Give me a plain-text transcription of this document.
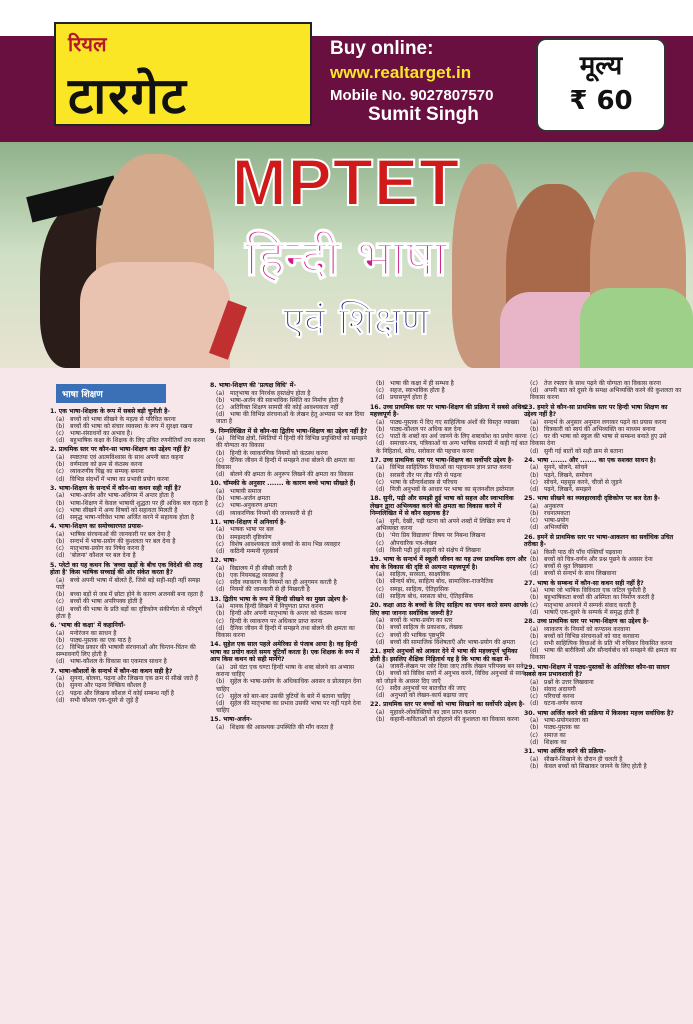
रियल
टारगेट
Buy online:
www.realtarget.in
Mobile No. 9027807570
Sumit Singh
मूल्य
₹ 60
MPTET
हिन्दी भाषा
एवं शिक्षण
भाषा शिक्षण
1. एक भाषा-शिक्षक के रूप में सबसे बड़ी चुनौती है-
(a) बच्चों को भाषा सीखने के महत्व से परिचित करना
(b) बच्चों की भाषा को संचार व्यवस्था के रूप में सुरक्षा रखना
(c) भाषा-संसाधनों का अभाव है।
(d) बहुभाषिक कक्षा के शिक्षक के लिए उचित रणनीतियाँ तय करना
2. प्राथमिक स्तर पर कौन-सा भाषा-शिक्षण का उद्देश्य नहीं है?
(a) स्पष्टतया एवं आत्मविश्वास के साथ अपनी बात कहना
(b) वर्णमाला को क्रम से कंठस्थ करना
(c) व्याकरणीय चिह्न का सम्यक् बनाना
(d) विभिन्न संदर्भों में भाषा का प्रभावी प्रयोग करना
3. भाषा-शिक्षण के सन्दर्भ में कौन-सा कथन सही नहीं है?
(a) भाषा-अर्जन और भाषा-अधिगम में अन्तर होता है
(b) भाषा-शिक्षण में केवल भाषायी शुद्धता पर ही अधिक बल रहता है
(c) भाषा सीखने में अन्य विषयों को सहायता मिलती है
(d) समृद्ध भाषा-परिवेश भाषा अर्जित करने में सहायक होता है
4. भाषा-शिक्षण का समोच्चारणत प्रयास-
(a) भाषिक संरचनाओं की जानकारी पर बल देना है
(b) सन्दर्भ में भाषा-प्रयोग की कुशलता पर बल देना है
(c) मातृभाषा-प्रयोग का निषेध करना है
(d) 'बोलना' कौशल पर बल देना है
5. प्लेटो का यह कथन कि 'बच्चा खड़ों के बीच एक विदेशी की तरह होता है' किस भाषिक सच्चाई की ओर संकेत करता है?
(a) बच्चे अपनी भाषा में बोलते हैं, जिसे बड़े सही-सही नहीं समझ पाते
(b) बच्चा बड़ों से जब में छोटा होने के कारण अजनबी बना रहता है
(c) बच्चों की भाषा अपरिपक्व होती है
(d) बच्चों की भाषा के प्रति बड़ों का दृष्टिकोण संकीर्णता से परिपूर्ण होता है
6. 'भाषा की कक्षा' में कहानियाँ-
(a) मनोरंजन का साधन है
(b) पाठ्य-पुस्तक का एक पाठ है
(c) विभिन्न प्रकार की भाषायी संरचनाओं और चिन्तन-चिंतन की सम्भावनाएँ लिए होती है
(d) भाषा-कौशल के विकास का एकमात्र साधन है
7. भाषा-कौशलों के सन्दर्भ में कौन-सा कथन सही है?
(a) सुनना, बोलना, पढ़ना और लिखना एक क्रम से सीखे जाते हैं
(b) सुनना और पढ़ना निष्क्रिय कौशल है
(c) पढ़ना और लिखना कौशल में कोई सम्बन्ध नहीं है
(d) सभी कौशल एक-दूसरे से जुड़े हैं
8. भाषा-शिक्षण की 'प्रत्यक्ष विधि' में-
(a) मातृभाषा का निरर्थक हस्तक्षेप होता है
(b) भाषा-अर्जन की स्वाभाविक स्थिति का निर्माण होता है
(c) अतिरिक्त शिक्षण सामग्री की कोई आवश्यकता नहीं
(d) भाषा की विभिन्न संरचनाओं के लेखन हेतु अभ्यास पर बल दिया जाता है
9. निम्नलिखित में से कौन-सा द्वितीय भाषा-शिक्षण का उद्देश्य नहीं है?
(a) विभिन्न क्षेत्रों, स्थितियों में हिन्दी की विभिन्न प्रयुक्तियों को समझने की योग्यता का विकास
(b) हिन्दी के व्याकरणिक नियमों को कंठस्थ करना
(c) दैनिक जीवन में हिन्दी में समझने तथा बोलने की क्षमता का विकास
(d) बोलने की क्षमता के अनुरूप लिखने की क्षमता का विकास
10. चॉम्स्की के अनुसार ....... के कारण बच्चे भाषा सीखते हैं।
(a) भाषायी समाज
(b) भाषा-अर्जन क्षमता
(c) भाषा-अनुकरण क्षमता
(d) व्याकरणिक नियमों की जानकारी से ही
11. भाषा-शिक्षण में अनिवार्य है-
(a) भाषक भाषा पर बल
(b) समझदारी दृष्टिकोण
(c) विशेष आवश्यकता वाले बच्चों के साथ भिन्न व्यवहार
(d) कठिनी मन्मनी गृहकार्य
12. भाषा-
(a) विद्यालय में ही सीखी जाती है
(b) एक नियमबद्ध व्यवस्था है
(c) सदैव व्याकरण के नियमों का ही अनुगमन करती है
(d) नियमों की जानकारी से ही निखरती है
13. द्वितीय भाषा के रूप में हिन्दी सीखने का मुख्य उद्देश्य है-
(a) मानक हिन्दी लिखने में निपुणता प्राप्त करना
(b) हिन्दी और अपनी मातृभाषा के अन्तर को कंठस्थ करना
(c) हिन्दी के व्याकरण पर अधिकार प्राप्त करना
(d) दैनिक जीवन में हिन्दी में समझने तथा बोलने की क्षमता का विकास करना
14. सुहेल एक साल पहले अमेरिका से पंजाब आया है। वह हिन्दी भाषा का प्रयोग करते समय त्रुटियाँ करता है। एक शिक्षक के रूप में आप किस कथन को सही मानेंगे?
(a) उसे घंटा एक घण्टा हिन्दी भाषा के शब्द बोलने का अभ्यास कराना चाहिए
(b) सुहेल के भाषा-प्रयोग के अधिकाधिक अवसर व प्रोत्साहन देना चाहिए
(c) सुहेल को बार-बार उसकी त्रुटियों के बारे में बताना चाहिए
(d) सुहेल की मातृभाषा का प्रभाव उसकी भाषा पर नहीं पड़ने देना चाहिए
15. भाषा-अर्जन-
(a) शिक्षक की आवश्यक उपस्थिति की माँग करता है
(b) भाषा की कक्षा में ही सम्भव है
(c) सहज, स्वाभाविक होता है
(d) प्रयासपूर्ण होता है
16. उच्च प्राथमिक स्तर पर भाषा-शिक्षण की प्रक्रिया में सबसे अधिक महत्त्वपूर्ण है-
(a) पाठ्य-पुस्तक में दिए गए साहित्यिक अंशों की विस्तृत व्याख्या
(b) पाठ्य-कौशल पर अधिक बल देना
(c) पाठों के शब्दों का अर्थ जानने के लिए शब्दकोश का प्रयोग करना
(d) समाचार-पत्र, पत्रिकाओं या अन्य भाषिक सामग्री में कही गई बात के निहितार्थ, सोच, सरोकार की पहचान करना
17. उच्च प्राथमिक स्तर पर भाषा-शिक्षण का सर्वोपरि उद्देश्य है-
(a) विभिन्न साहित्यिक विधाओं का पहचानम ज्ञान प्राप्त करना
(b) सरसरी तौर पर तीव्र गति से पढ़ना
(c) भाषा के सौन्दर्यशास्त्र से परिचय
(d) निजी अनुभवों के आधार पर भाषा का सृजनशील इस्तेमाल
18. सुनी, पढ़ी और समझी हुई भाषा को सहज और स्वाभाविक लेखन द्वारा अभिव्यक्त करने की क्षमता का विकास करने में निम्नलिखित में से कौन सहायक है?
(a) सुनी, देखी, पढ़ी घटना को अपने शब्दों में लिखित रूप में अभिव्यक्त करना
(b) 'मेरा प्रिय विद्यालय' विषय पर निबन्ध लिखना
(c) औपचारिक पत्र-लेखन
(d) किसी पढ़ी हुई कहानी को संक्षेप में लिखना
19. भाषा के सन्दर्भ में स्कूली जीवन का यह उच्च प्राथमिक दरग और बोध के विकास की दृष्टि से अत्यन्त महत्त्वपूर्ण है।
(a) साहित्य, सरसता, साक्ष्यविक
(b) सौन्दर्य बोध, साहित्य बोध, सामाजिक-राजनैतिक
(c) समझ, साहित्य, ऐतिहासिक
(d) साहित्य बोध, सरसता बोध, ऐतिहासिक
20. कक्षा आठ के बच्चों के लिए साहित्य का चयन करते समय आपके लिए क्या जानना सर्वाधिक जरूरी है?
(a) बच्चों के भाषा-प्रयोग का स्तर
(b) बच्चों साहित्य के प्रकाशक, लेखक
(c) बच्चों की भाषिक पृष्ठभूमि
(d) बच्चों की सामाजिक विशेषताएँ और भाषा-प्रयोग की क्षमता
21. हमारे अनुभवों को आकार देने में भाषा की महत्त्वपूर्ण भूमिका होती है। इसलिए शैक्षिक निहितार्थ यह है कि भाषा की कक्षा में-
(a) जायरी-लेखन पर जोर दिया जाए ताकि लेखन परिपक्व बन सके
(b) बच्चों को विविध स्तरों में अनुभव करने, विविध अनुभवों से स्वयं को जोड़ने के अवसर दिए जाएँ
(c) सदैव अनुभवों पर बातचीत की जाए
(d) अनुभवों को लेखन-कार्य बढ़ाया जाए
22. प्राथमिक स्तर पर बच्चों को भाषा सिखाने का सर्वोपरि उद्देश्य है-
(a) मुहावरे-लोकोक्तियों का ज्ञान प्राप्त करना
(b) कहानी-कविताओं को दोहराने की कुशलता का विकास करना
(c) तेज रफ्तार के साथ पढ़ने की योग्यता का विकास करना
(d) अपनी बात को दूसरे के समक्ष अभिव्यक्ति करने की कुशलता का विकास करना
23. हमारे से कौन-सा प्राथमिक स्तर पर हिन्दी भाषा शिक्षण का उद्देश्य नहीं है?
(a) सन्दर्भ के अनुसार अनुमान लगाकर पढ़ने का प्रयास करना
(b) चित्रकारी को स्वयं की अभिव्यक्ति का माध्यम बनाना
(c) घर की भाषा को स्कूल की भाषा से सम्बन्ध बनाते हुए उसे विकास देना
(d) सुनी गई बातों को सही क्रम से बताना
24. भाषा ....... और ....... का एक सशक्त साधन है।
(a) सुनने, बोलने, सोचने
(b) पढ़ने, लिखने, समोचन
(c) सोचने, महसूस करने, चीजों से जुड़ने
(d) पढ़ने, लिखने, समझने
25. भाषा सीखने का व्यवहारवादी दृष्टिकोण पर बल देता है-
(a) अनुकरण
(b) रचनात्मकता
(c) भाषा-प्रयोग
(d) अभिव्यक्ति
26. हमनें से प्राथमिक स्तर पर भाषा-आकलन का सर्वाधिक उचित तरीका है-
(a) किसी पाठ की पाँच पंक्तियाँ पढ़वाना
(b) बच्चों को चित्र-वर्णन और प्रश्न पूछने के अवसर देना
(c) बच्चों से श्रुत लिखवाना
(d) बच्चों से सन्दर्भ के साथ लिखवाना
27. भाषा के सम्बन्ध में कौन-सा कथन सही नहीं है?
(a) भाषा जो भाषिक विविधता एक जटिल चुनौती है
(b) बहुभाषिकता बच्चों की अस्मिता का निर्माण करती है
(c) मातृभाषा अपनाने में सम्पर्क संवाद करती है
(d) भाषाएँ एक-दूसरे के सम्पर्क में समृद्ध होती हैं
28. उच्च प्राथमिक स्तर पर भाषा-शिक्षण का उद्देश्य है-
(a) व्याकरण के नियमों को कण्ठस्थ करवाना
(b) बच्चों को विभिन्न संरचनाओं को याद करवाना
(c) सभी साहित्यिक विधाओं के प्रति भी रुचिकर विकसित करना
(d) भाषा की बारीकियों और सौन्दर्यबोध को समझने की क्षमता का विकास
29. भाषा-शिक्षण में पाठ्य-पुस्तकों के अतिरिक्त कौन-सा साधन सबसे कम प्रभावशाली है?
(a) प्रश्नों के उत्तर लिखवाना
(b) संवाद अदायगी
(c) परिचर्चा करना
(d) घटना-वर्णन करना
30. भाषा अर्जित करने की प्रक्रिया में किसका महत्त्व सर्वाधिक है?
(a) भाषा-प्रयोगशाला का
(b) पाठ्य-पुस्तक का
(c) समाज का
(d) शिक्षक का
31. भाषा अर्जित करने की प्रक्रिया-
(a) सीखने-सिखाने के दौरान ही चलती है
(b) केवल बच्चों को सिखाकर जानने के लिए होती है
